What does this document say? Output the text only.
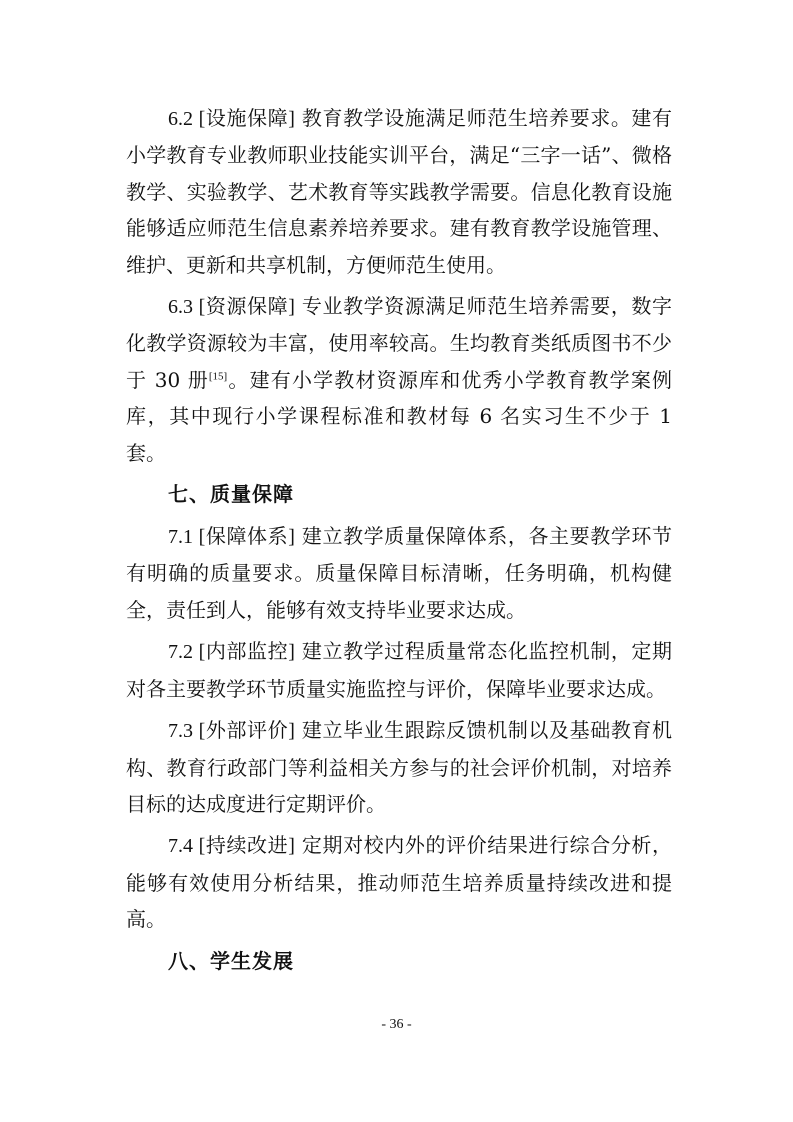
6.2 [设施保障] 教育教学设施满足师范生培养要求。建有小学教育专业教师职业技能实训平台，满足“三字一话”、微格教学、实验教学、艺术教育等实践教学需要。信息化教育设施能够适应师范生信息素养培养要求。建有教育教学设施管理、维护、更新和共享机制，方便师范生使用。

6.3 [资源保障] 专业教学资源满足师范生培养需要，数字化教学资源较为丰富，使用率较高。生均教育类纸质图书不少于 30 册[15]。建有小学教材资源库和优秀小学教育教学案例库，其中现行小学课程标准和教材每 6 名实习生不少于 1 套。

七、质量保障

7.1 [保障体系] 建立教学质量保障体系，各主要教学环节有明确的质量要求。质量保障目标清晰，任务明确，机构健全，责任到人，能够有效支持毕业要求达成。

7.2 [内部监控] 建立教学过程质量常态化监控机制，定期对各主要教学环节质量实施监控与评价，保障毕业要求达成。

7.3 [外部评价] 建立毕业生跟踪反馈机制以及基础教育机构、教育行政部门等利益相关方参与的社会评价机制，对培养目标的达成度进行定期评价。

7.4 [持续改进] 定期对校内外的评价结果进行综合分析，能够有效使用分析结果，推动师范生培养质量持续改进和提高。

八、学生发展
- 36 -
